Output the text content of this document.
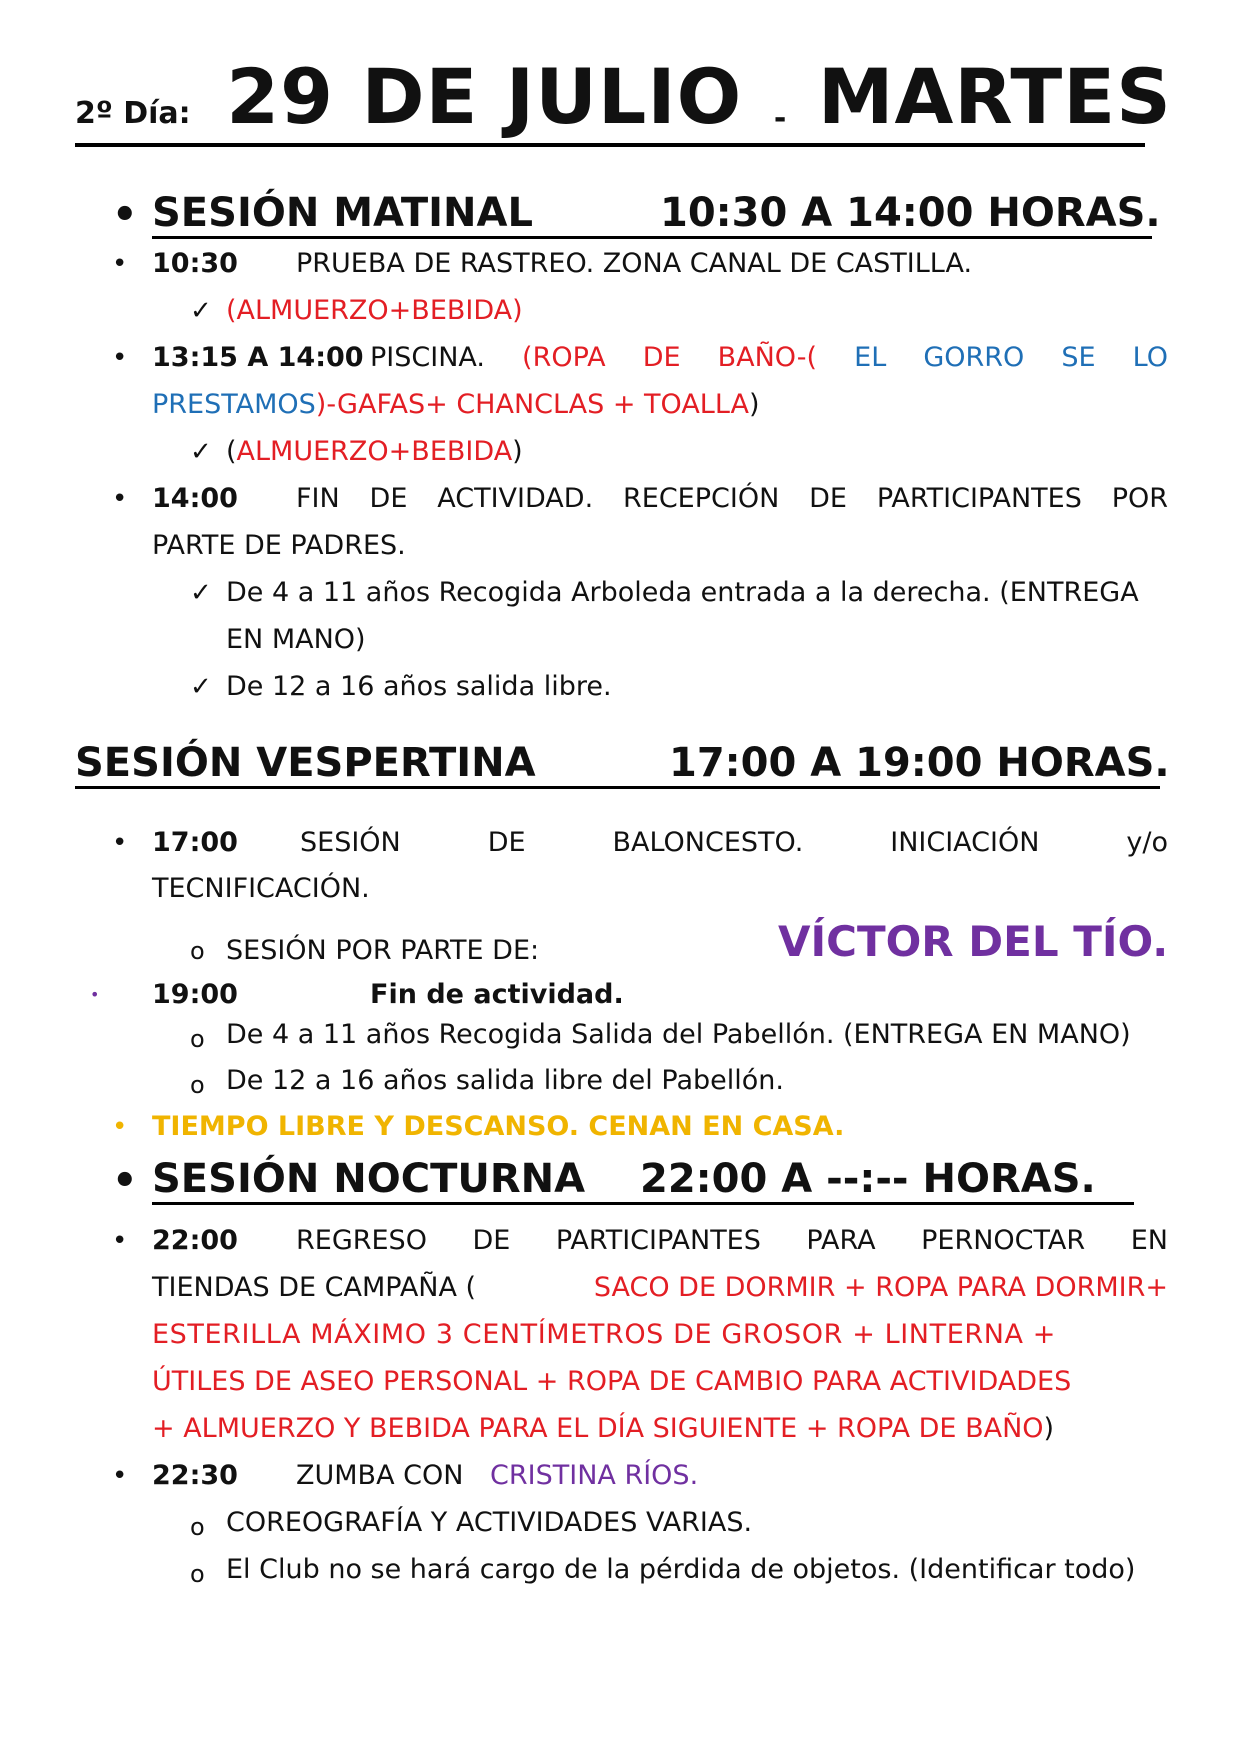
2º Día: 29 DE JULIO - MARTES
• SESIÓN MATINAL	10:30 A 14:00 HORAS.
• 10:30 PRUEBA DE RASTREO. ZONA CANAL DE CASTILLA.
✓ (ALMUERZO+BEBIDA)
• 13:15 A 14:00 PISCINA. (ROPA DE BAÑO-( EL GORRO SE LO
PRESTAMOS)-GAFAS+ CHANCLAS + TOALLA)
✓ (ALMUERZO+BEBIDA)
• 14:00 FIN DE ACTIVIDAD. RECEPCIÓN DE PARTICIPANTES POR
PARTE DE PADRES.
✓ De 4 a 11 años Recogida Arboleda entrada a la derecha. (ENTREGA
EN MANO)
✓ De 12 a 16 años salida libre.
SESIÓN VESPERTINA	17:00 A 19:00 HORAS.
• 17:00 SESIÓN	DE	BALONCESTO.	INICIACIÓN	y/o
TECNIFICACIÓN.
o SESIÓN POR PARTE DE:	VÍCTOR DEL TÍO.
• 19:00	Fin de actividad.
o De 4 a 11 años Recogida Salida del Pabellón. (ENTREGA EN MANO)
o De 12 a 16 años salida libre del Pabellón.
• TIEMPO LIBRE Y DESCANSO. CENAN EN CASA.
• SESIÓN NOCTURNA 22:00 A --:-- HORAS.
• 22:00 REGRESO DE PARTICIPANTES PARA PERNOCTAR EN
TIENDAS DE CAMPAÑA (	SACO DE DORMIR + ROPA PARA DORMIR+
ESTERILLA MÁXIMO 3 CENTÍMETROS DE GROSOR + LINTERNA +
ÚTILES DE ASEO PERSONAL + ROPA DE CAMBIO PARA ACTIVIDADES
+ ALMUERZO Y BEBIDA PARA EL DÍA SIGUIENTE + ROPA DE BAÑO)
• 22:30 ZUMBA CON CRISTINA RÍOS.
o COREOGRAFÍA Y ACTIVIDADES VARIAS.
o El Club no se hará cargo de la pérdida de objetos. (Identificar todo)
